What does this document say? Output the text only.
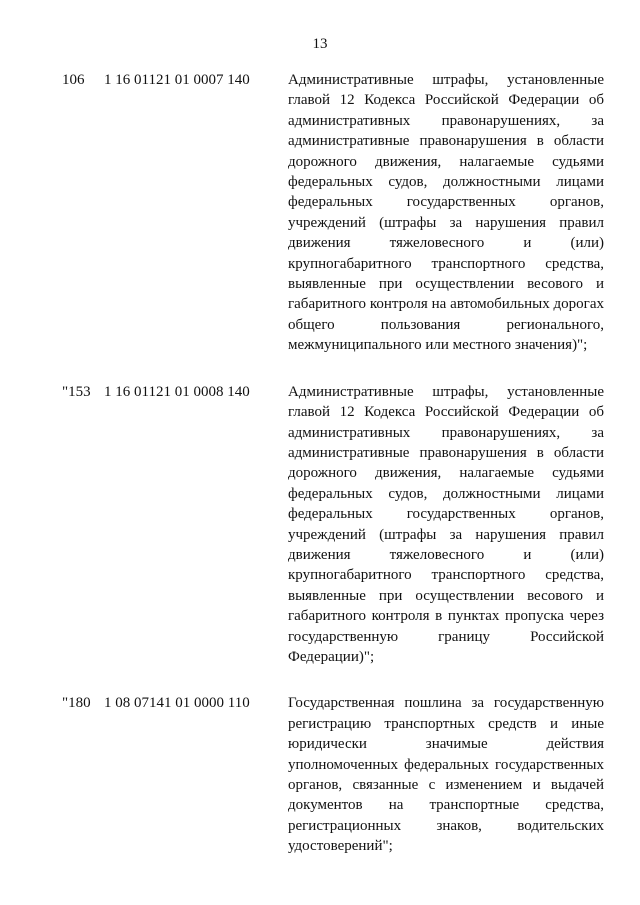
13
106 1 16 01121 01 0007 140	Административные штрафы, установленные
главой 12 Кодекса Российской Федерации об
административных правонарушениях, за
административные правонарушения в области
дорожного движения, налагаемые судьями
федеральных судов, должностными лицами
федеральных государственных органов,
учреждений (штрафы за нарушения правил
движения тяжеловесного и (или)
крупногабаритного транспортного средства,
выявленные при осуществлении весового и
габаритного контроля на автомобильных дорогах
общего пользования регионального,
межмуниципального или местного значения)";
"153 1 16 01121 01 0008 140	Административные штрафы, установленные
главой 12 Кодекса Российской Федерации об
административных правонарушениях, за
административные правонарушения в области
дорожного движения, налагаемые судьями
федеральных судов, должностными лицами
федеральных государственных органов,
учреждений (штрафы за нарушения правил
движения тяжеловесного и (или)
крупногабаритного транспортного средства,
выявленные при осуществлении весового и
габаритного контроля в пунктах пропуска через
государственную границу Российской
Федерации)";
"180 1 08 07141 01 0000 110	Государственная пошлина за государственную
регистрацию транспортных средств и иные
юридически значимые действия
уполномоченных федеральных государственных
органов, связанные с изменением и выдачей
документов на транспортные средства,
регистрационных знаков, водительских
удостоверений";
